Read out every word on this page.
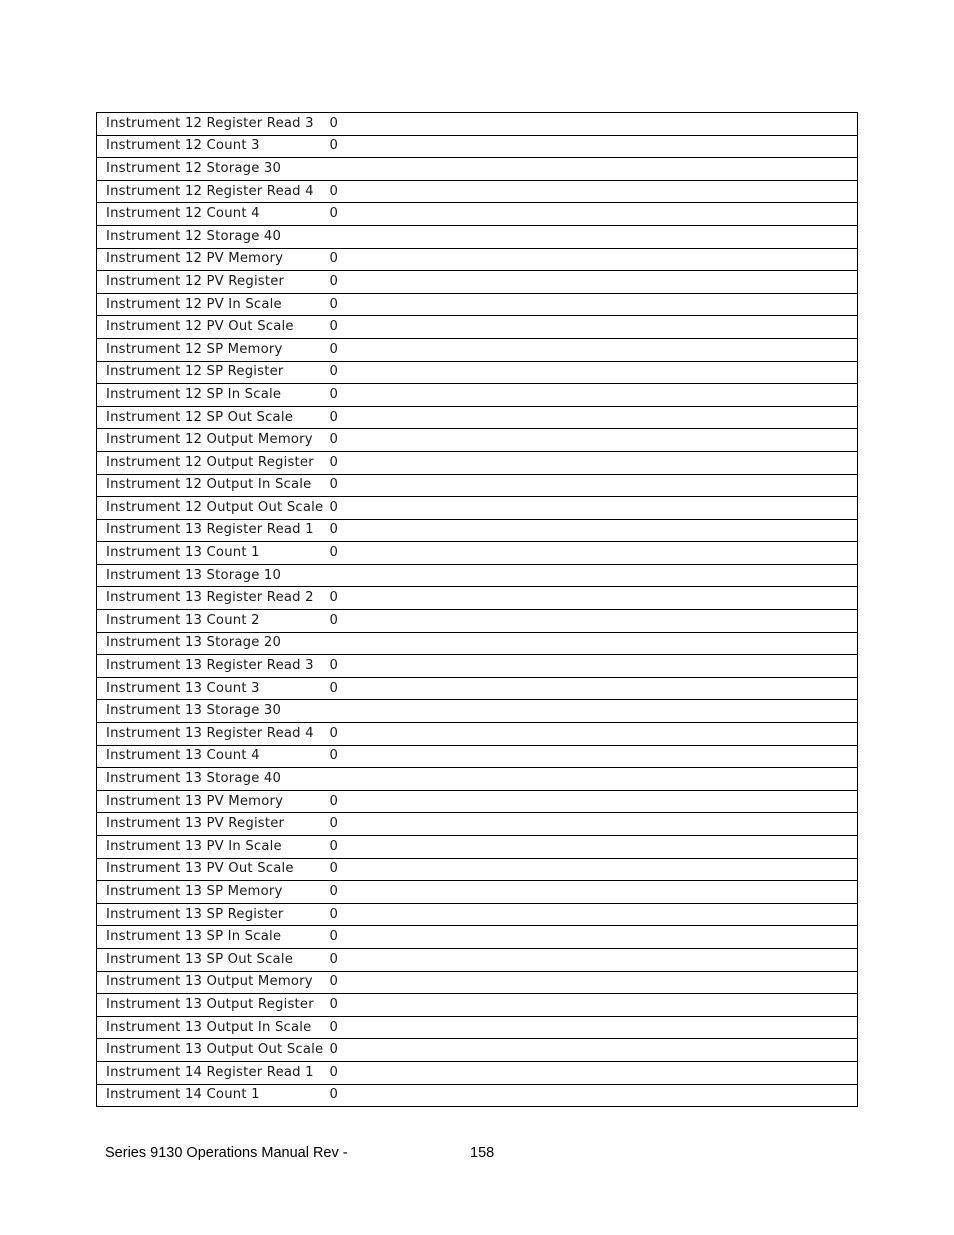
Instrument 12 Register Read 3	0
Instrument 12 Count 3	0
Instrument 12 Storage 30	
Instrument 12 Register Read 4	0
Instrument 12 Count 4	0
Instrument 12 Storage 40	
Instrument 12 PV Memory	0
Instrument 12 PV Register	0
Instrument 12 PV In Scale	0
Instrument 12 PV Out Scale	0
Instrument 12 SP Memory	0
Instrument 12 SP Register	0
Instrument 12 SP In Scale	0
Instrument 12 SP Out Scale	0
Instrument 12 Output Memory	0
Instrument 12 Output Register	0
Instrument 12 Output In Scale	0
Instrument 12 Output Out Scale	0
Instrument 13 Register Read 1	0
Instrument 13 Count 1	0
Instrument 13 Storage 10	
Instrument 13 Register Read 2	0
Instrument 13 Count 2	0
Instrument 13 Storage 20	
Instrument 13 Register Read 3	0
Instrument 13 Count 3	0
Instrument 13 Storage 30	
Instrument 13 Register Read 4	0
Instrument 13 Count 4	0
Instrument 13 Storage 40	
Instrument 13 PV Memory	0
Instrument 13 PV Register	0
Instrument 13 PV In Scale	0
Instrument 13 PV Out Scale	0
Instrument 13 SP Memory	0
Instrument 13 SP Register	0
Instrument 13 SP In Scale	0
Instrument 13 SP Out Scale	0
Instrument 13 Output Memory	0
Instrument 13 Output Register	0
Instrument 13 Output In Scale	0
Instrument 13 Output Out Scale	0
Instrument 14 Register Read 1	0
Instrument 14 Count 1	0
Series 9130 Operations Manual Rev -	158
